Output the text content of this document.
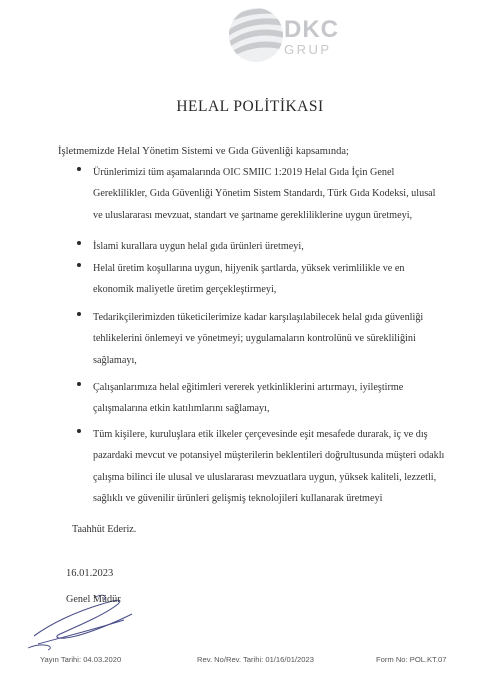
DKC
GRUP
HELAL POLİTİKASI
İşletmemizde Helal Yönetim Sistemi ve Gıda Güvenliği kapsamında;
Ürünlerimizi tüm aşamalarında OIC SMIIC 1:2019 Helal Gıda İçin Genel
Gereklilikler, Gıda Güvenliği Yönetim Sistem Standardı, Türk Gıda Kodeksi, ulusal
ve uluslararası mevzuat, standart ve şartname gerekliliklerine uygun üretmeyi,
İslami kurallara uygun helal gıda ürünleri üretmeyi,
Helal üretim koşullarına uygun, hijyenik şartlarda, yüksek verimlilikle ve en
ekonomik maliyetle üretim gerçekleştirmeyi,
Tedarikçilerimizden tüketicilerimize kadar karşılaşılabilecek helal gıda güvenliği
tehlikelerini önlemeyi ve yönetmeyi; uygulamaların kontrolünü ve sürekliliğini
sağlamayı,
Çalışanlarımıza helal eğitimleri vererek yetkinliklerini artırmayı, iyileştirme
çalışmalarına etkin katılımlarını sağlamayı,
Tüm kişilere, kuruluşlara etik ilkeler çerçevesinde eşit mesafede durarak, iç ve dış
pazardaki mevcut ve potansiyel müşterilerin beklentileri doğrultusunda müşteri odaklı
çalışma bilinci ile ulusal ve uluslararası mevzuatlara uygun, yüksek kaliteli, lezzetli,
sağlıklı ve güvenilir ürünleri gelişmiş teknolojileri kullanarak üretmeyi
Taahhüt Ederiz.
16.01.2023
Genel Müdür
Yayın Tarihi: 04.03.2020	Rev. No/Rev. Tarihi: 01/16/01/2023	Form No: POL.KT.07
